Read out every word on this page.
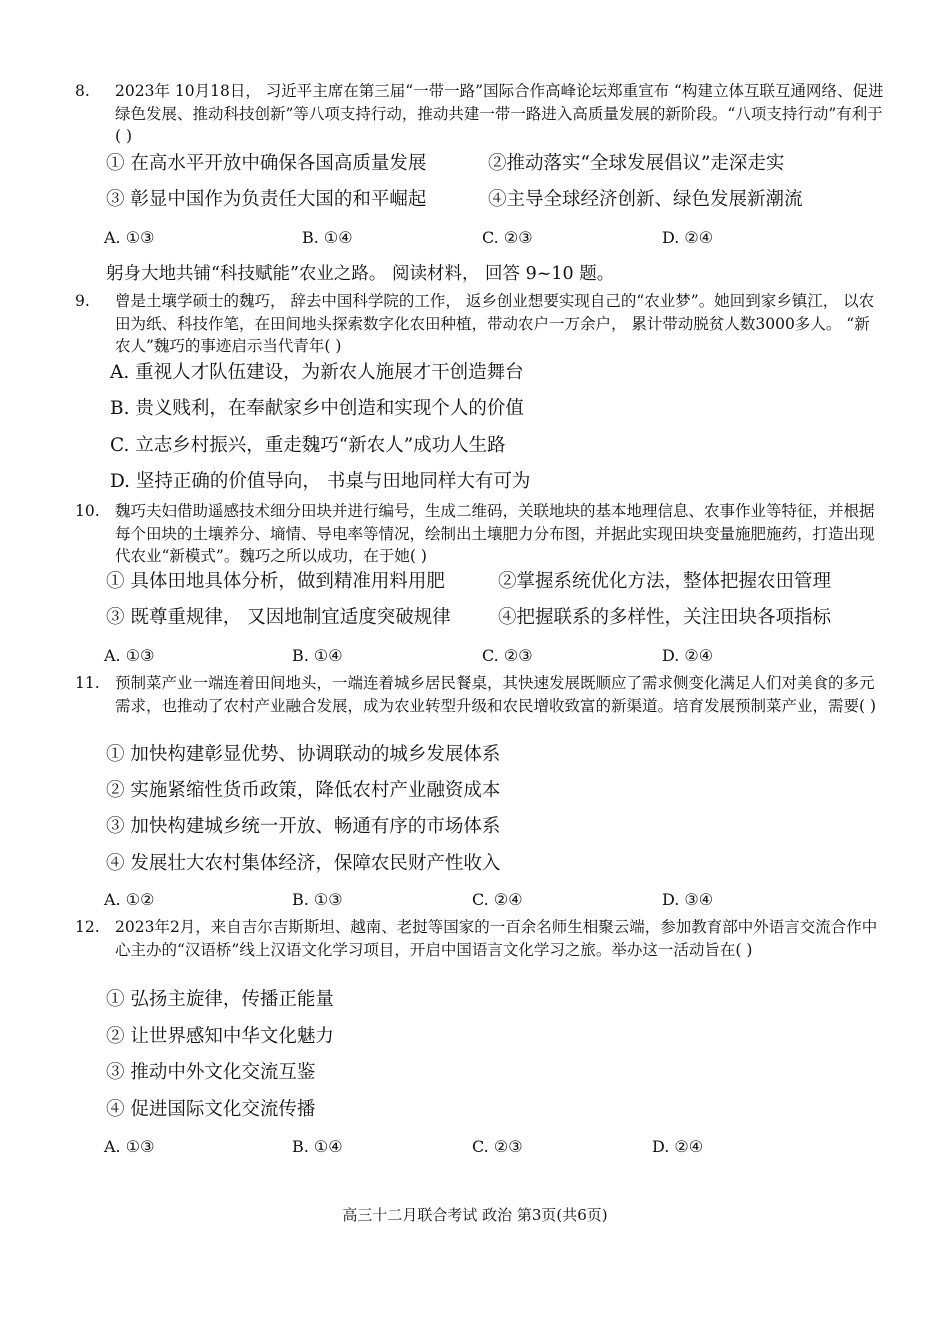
8. 2023年 10月18日， 习近平主席在第三届“一带一路”国际合作高峰论坛郑重宣布 “构建立体互联互通网络、促进绿色发展、推动科技创新”等八项支持行动，推动共建一带一路进入高质量发展的新阶段。“八项支持行动”有利于( )
① 在高水平开放中确保各国高质量发展	②推动落实“全球发展倡议”走深走实
③ 彰显中国作为负责任大国的和平崛起	④主导全球经济创新、绿色发展新潮流
A. ①③	B. ①④	C. ②③	D. ②④
躬身大地共铺“科技赋能”农业之路。 阅读材料， 回答 9~10 题。
9. 曾是土壤学硕士的魏巧， 辞去中国科学院的工作， 返乡创业想要实现自己的“农业梦”。她回到家乡镇江， 以农田为纸、科技作笔，在田间地头探索数字化农田种植，带动农户一万余户， 累计带动脱贫人数3000多人。 “新农人”魏巧的事迹启示当代青年( )
A. 重视人才队伍建设，为新农人施展才干创造舞台
B. 贵义贱利，在奉献家乡中创造和实现个人的价值
C. 立志乡村振兴，重走魏巧“新农人”成功人生路
D. 坚持正确的价值导向， 书桌与田地同样大有可为
10. 魏巧夫妇借助遥感技术细分田块并进行编号，生成二维码，关联地块的基本地理信息、农事作业等特征，并根据每个田块的土壤养分、墒情、导电率等情况，绘制出土壤肥力分布图，并据此实现田块变量施肥施药，打造出现代农业“新模式”。魏巧之所以成功，在于她( )
① 具体田地具体分析，做到精准用料用肥	②掌握系统优化方法，整体把握农田管理
③ 既尊重规律， 又因地制宜适度突破规律	④把握联系的多样性，关注田块各项指标
A. ①③	B. ①④	C. ②③	D. ②④
11. 预制菜产业一端连着田间地头，一端连着城乡居民餐桌，其快速发展既顺应了需求侧变化满足人们对美食的多元需求，也推动了农村产业融合发展，成为农业转型升级和农民增收致富的新渠道。培育发展预制菜产业，需要( )
① 加快构建彰显优势、协调联动的城乡发展体系
② 实施紧缩性货币政策，降低农村产业融资成本
③ 加快构建城乡统一开放、畅通有序的市场体系
④ 发展壮大农村集体经济，保障农民财产性收入
A. ①②	B. ①③	C. ②④	D. ③④
12. 2023年2月，来自吉尔吉斯斯坦、越南、老挝等国家的一百余名师生相聚云端，参加教育部中外语言交流合作中心主办的“汉语桥”线上汉语文化学习项目，开启中国语言文化学习之旅。举办这一活动旨在( )
① 弘扬主旋律，传播正能量
② 让世界感知中华文化魅力
③ 推动中外文化交流互鉴
④ 促进国际文化交流传播
A. ①③	B. ①④	C. ②③	D. ②④
高三十二月联合考试 政治 第3页(共6页)
